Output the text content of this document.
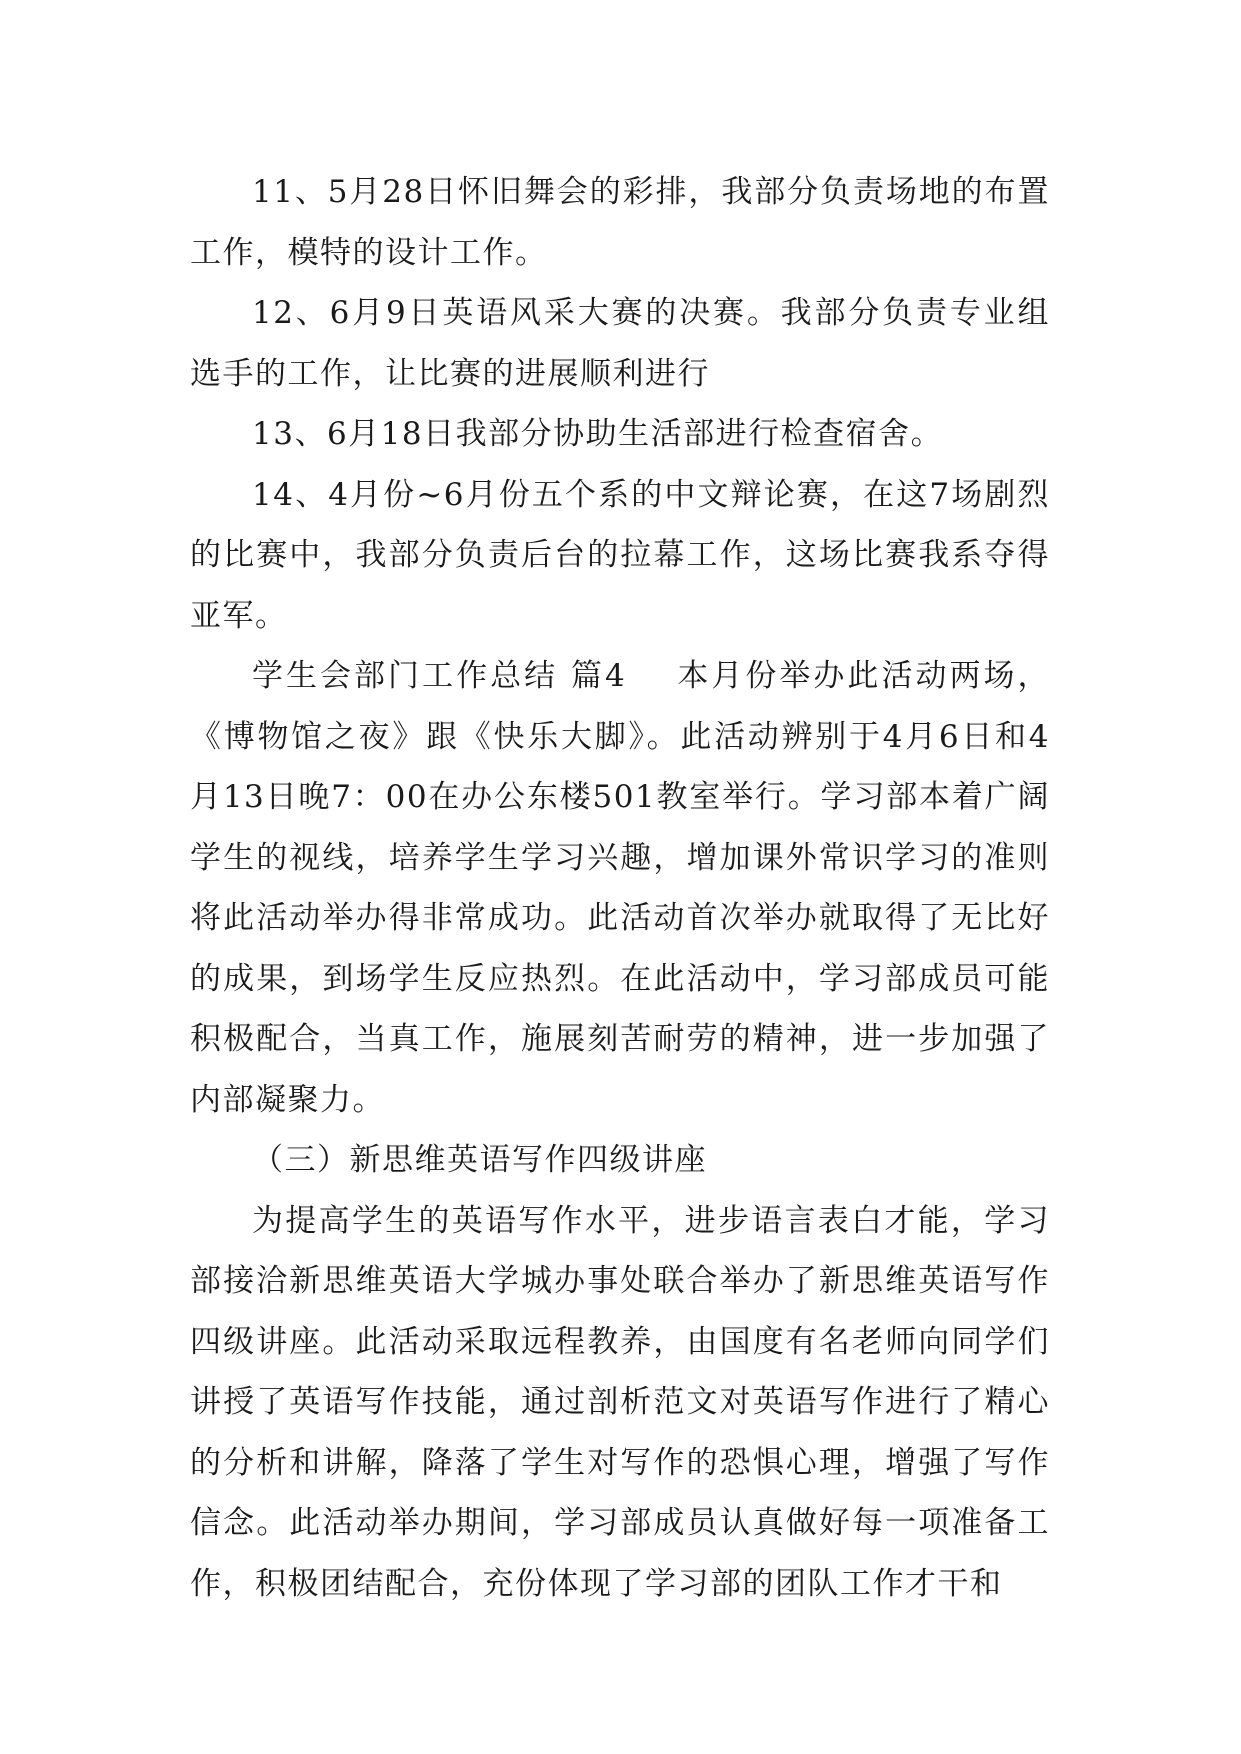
11、5月28日怀旧舞会的彩排，我部分负责场地的布置工作，模特的设计工作。

12、6月9日英语风采大赛的决赛。我部分负责专业组选手的工作，让比赛的进展顺利进行

13、6月18日我部分协助生活部进行检查宿舍。

14、4月份~6月份五个系的中文辩论赛，在这7场剧烈的比赛中，我部分负责后台的拉幕工作，这场比赛我系夺得亚军。

学生会部门工作总结 篇4 本月份举办此活动两场，《博物馆之夜》跟《快乐大脚》。此活动辨别于4月6日和4月13日晚7：00在办公东楼501教室举行。学习部本着广阔学生的视线，培养学生学习兴趣，增加课外常识学习的准则将此活动举办得非常成功。此活动首次举办就取得了无比好的成果，到场学生反应热烈。在此活动中，学习部成员可能积极配合，当真工作，施展刻苦耐劳的精神，进一步加强了内部凝聚力。

（三）新思维英语写作四级讲座

为提高学生的英语写作水平，进步语言表白才能，学习部接洽新思维英语大学城办事处联合举办了新思维英语写作四级讲座。此活动采取远程教养，由国度有名老师向同学们讲授了英语写作技能，通过剖析范文对英语写作进行了精心的分析和讲解，降落了学生对写作的恐惧心理，增强了写作信念。此活动举办期间，学习部成员认真做好每一项准备工作，积极团结配合，充份体现了学习部的团队工作才干和
